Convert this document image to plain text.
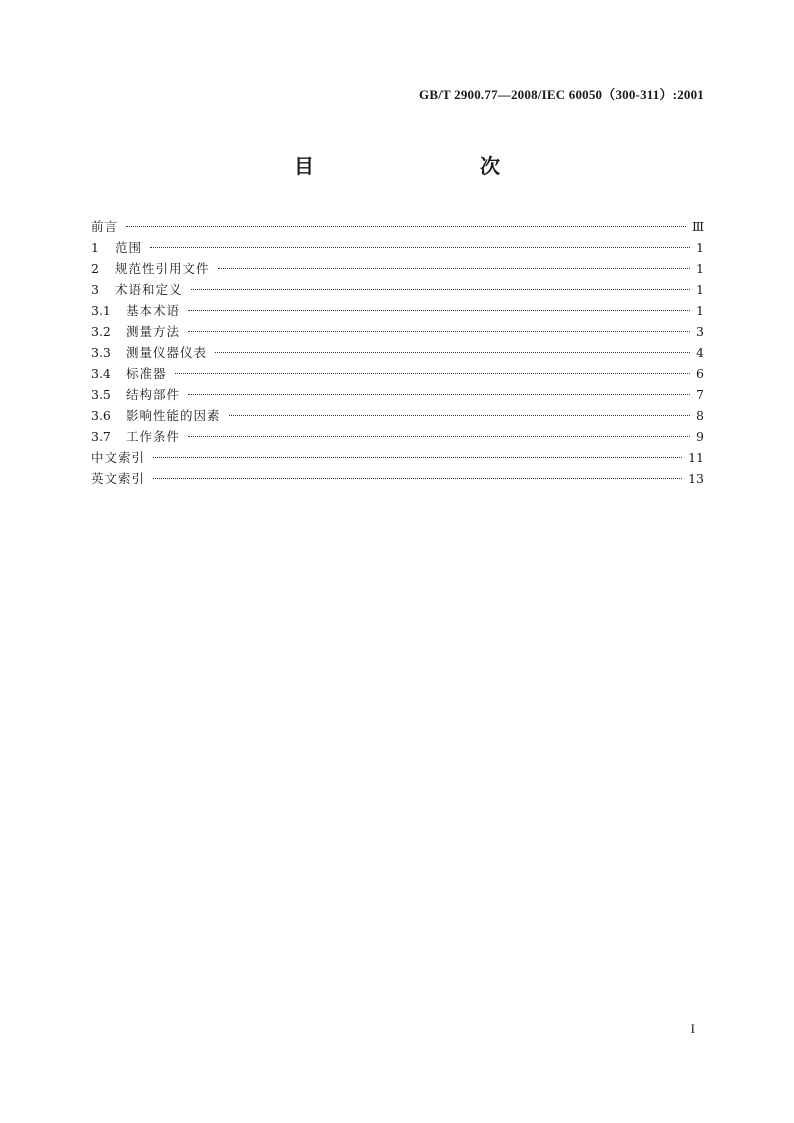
GB/T 2900.77—2008/IEC 60050（300-311）:2001
目　　次
前言	Ⅲ
1	范围	1
2	规范性引用文件	1
3	术语和定义	1
3.1	基本术语	1
3.2	测量方法	3
3.3	测量仪器仪表	4
3.4	标准器	6
3.5	结构部件	7
3.6	影响性能的因素	8
3.7	工作条件	9
中文索引	11
英文索引	13
I
